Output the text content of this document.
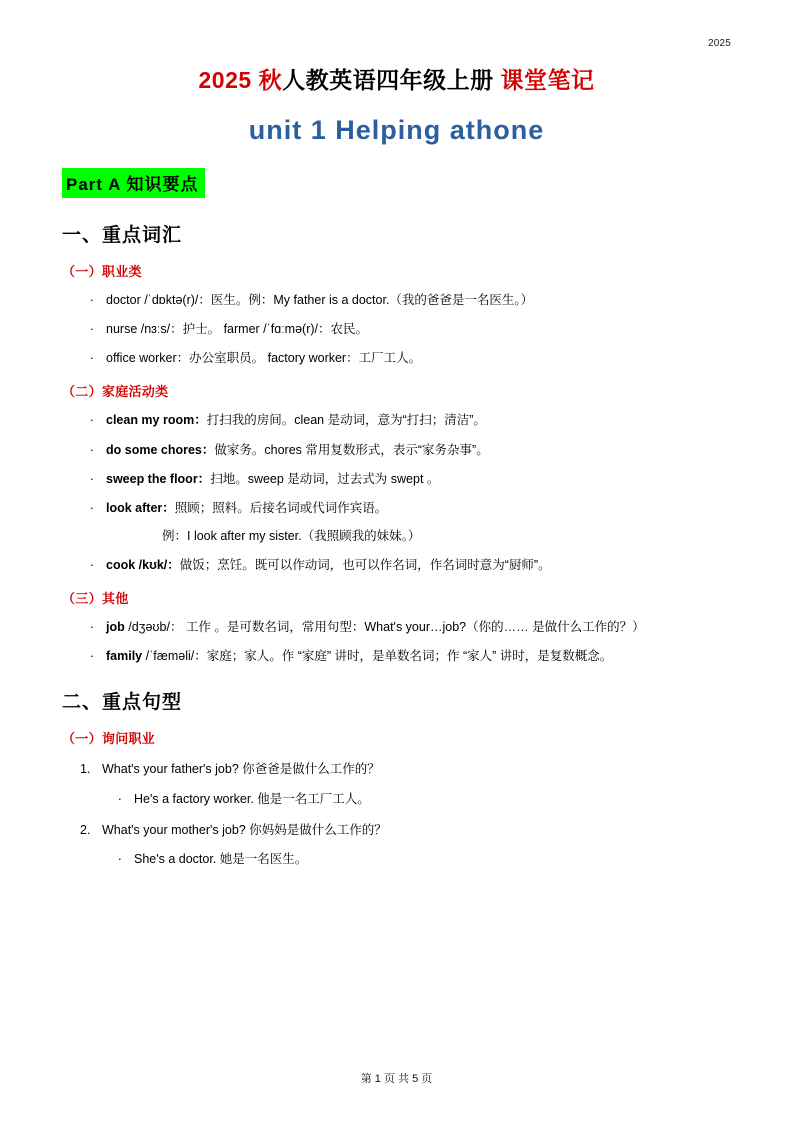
2025
2025 秋人教英语四年级上册 课堂笔记
unit 1 Helping athone
Part A 知识要点
一、重点词汇
（一）职业类
. doctor /ˈdɒktə(r)/：医生。例：My father is a doctor.（我的爸爸是一名医生。）
. nurse /nɜːs/：护士。 farmer /ˈfɑːmə(r)/：农民。
. office worker：办公室职员。 factory worker：工厂工人。
（二）家庭活动类
. clean my room：打扫我的房间。clean 是动词，意为“打扫；清洁”。
. do some chores：做家务。chores 常用复数形式，表示“家务杂事”。
. sweep the floor：扫地。sweep 是动词，过去式为 swept 。
. look after：照顾；照料。后接名词或代词作宾语。
例：I look after my sister.（我照顾我的妹妹。）
. cook /kʊk/：做饭；烹饪。既可以作动词，也可以作名词，作名词时意为“厨师”。
（三）其他
. job /dʒəʊb/： 工作 。是可数名词，常用句型：What's your…job?（你的…… 是做什么工作的？）
. family /ˈfæməli/：家庭；家人。作 “家庭” 讲时，是单数名词；作 “家人” 讲时，是复数概念。
二、重点句型
（一）询问职业
1. What's your father's job? 你爸爸是做什么工作的？
. He's a factory worker. 他是一名工厂工人。
2. What's your mother's job? 你妈妈是做什么工作的？
. She's a doctor. 她是一名医生。
第 1 页 共 5 页
